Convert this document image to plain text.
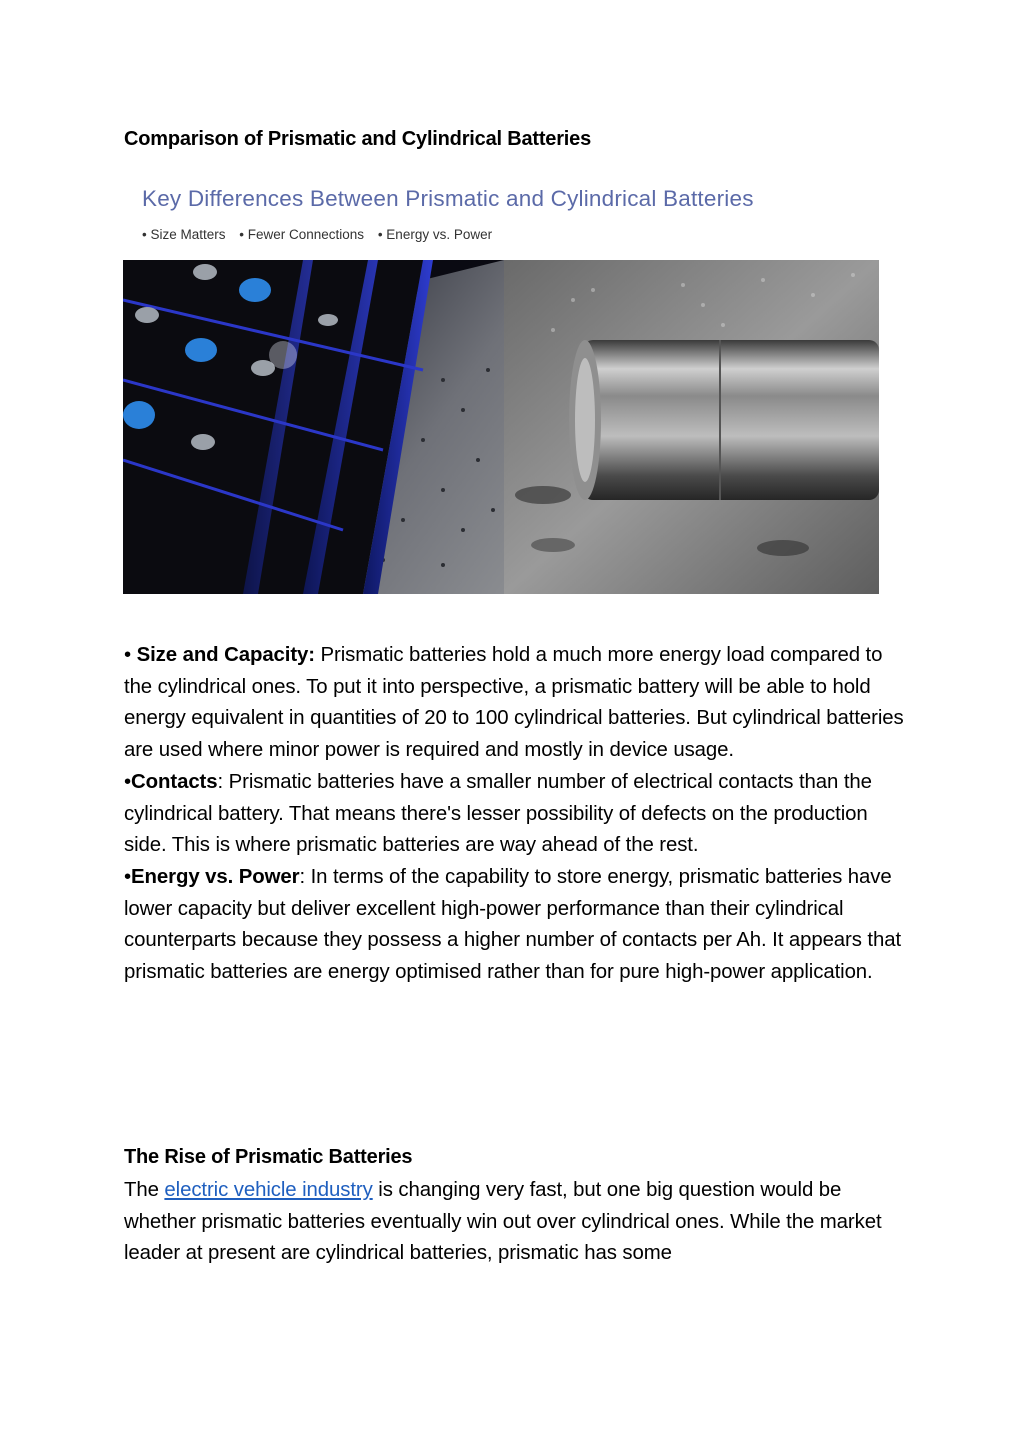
Comparison of Prismatic and Cylindrical Batteries
Key Differences Between Prismatic and Cylindrical Batteries
• Size Matters • Fewer Connections • Energy vs. Power

• Size and Capacity: Prismatic batteries hold a much more energy load compared to the cylindrical ones. To put it into perspective, a prismatic battery will be able to hold energy equivalent in quantities of 20 to 100 cylindrical batteries. But cylindrical batteries are used where minor power is required and mostly in device usage.

•Contacts: Prismatic batteries have a smaller number of electrical contacts than the cylindrical battery. That means there's lesser possibility of defects on the production side. This is where prismatic batteries are way ahead of the rest.

•Energy vs. Power: In terms of the capability to store energy, prismatic batteries have lower capacity but deliver excellent high-power performance than their cylindrical counterparts because they possess a higher number of contacts per Ah. It appears that prismatic batteries are energy optimised rather than for pure high-power application.

The Rise of Prismatic Batteries

The electric vehicle industry is changing very fast, but one big question would be whether prismatic batteries eventually win out over cylindrical ones. While the market leader at present are cylindrical batteries, prismatic has some
